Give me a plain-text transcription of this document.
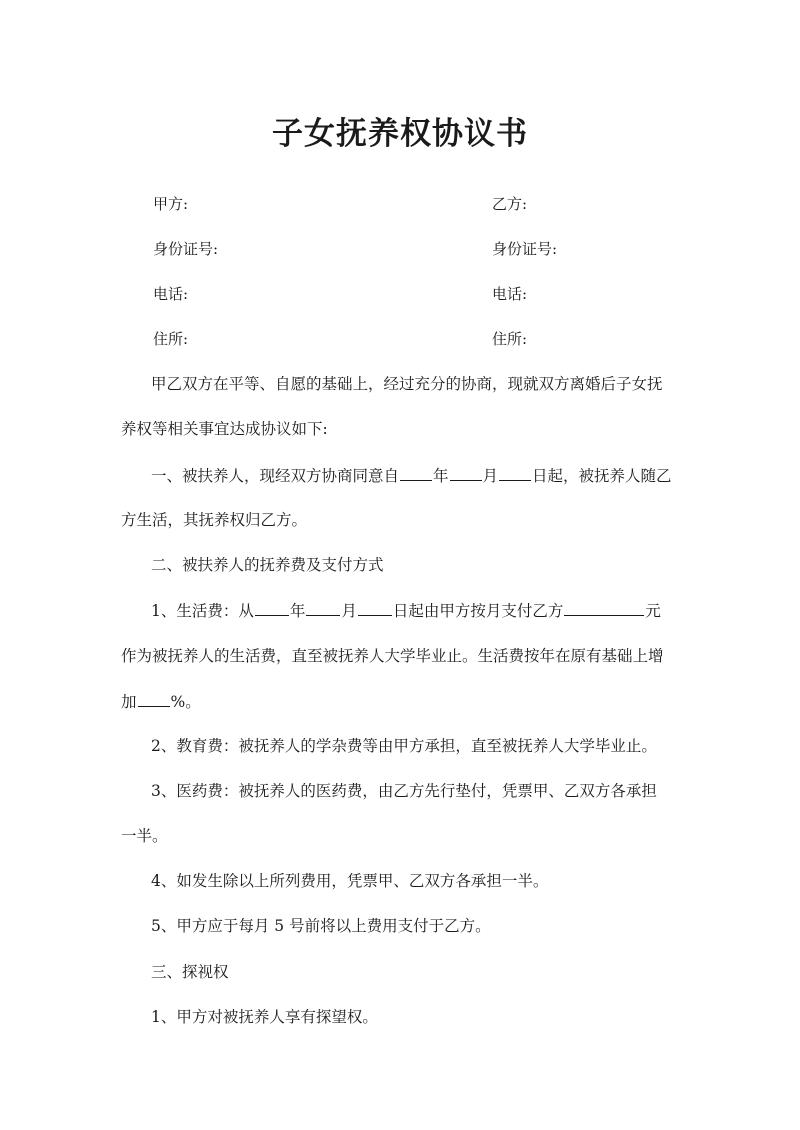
子女抚养权协议书
甲方:	乙方:
身份证号:	身份证号:
电话:	电话:
住所:	住所:
甲乙双方在平等、自愿的基础上，经过充分的协商，现就双方离婚后子女抚
养权等相关事宜达成协议如下:
一、被扶养人，现经双方协商同意自 年 月 日起，被抚养人随乙
方生活，其抚养权归乙方。
二、被扶养人的抚养费及支付方式
1、生活费：从 年 月 日起由甲方按月支付乙方	元
作为被抚养人的生活费，直至被抚养人大学毕业止。生活费按年在原有基础上增
加 %。
2、教育费：被抚养人的学杂费等由甲方承担，直至被抚养人大学毕业止。
3、医药费：被抚养人的医药费，由乙方先行垫付，凭票甲、乙双方各承担
一半。
4、如发生除以上所列费用，凭票甲、乙双方各承担一半。
5、甲方应于每月 5 号前将以上费用支付于乙方。
三、探视权
1、甲方对被抚养人享有探望权。
